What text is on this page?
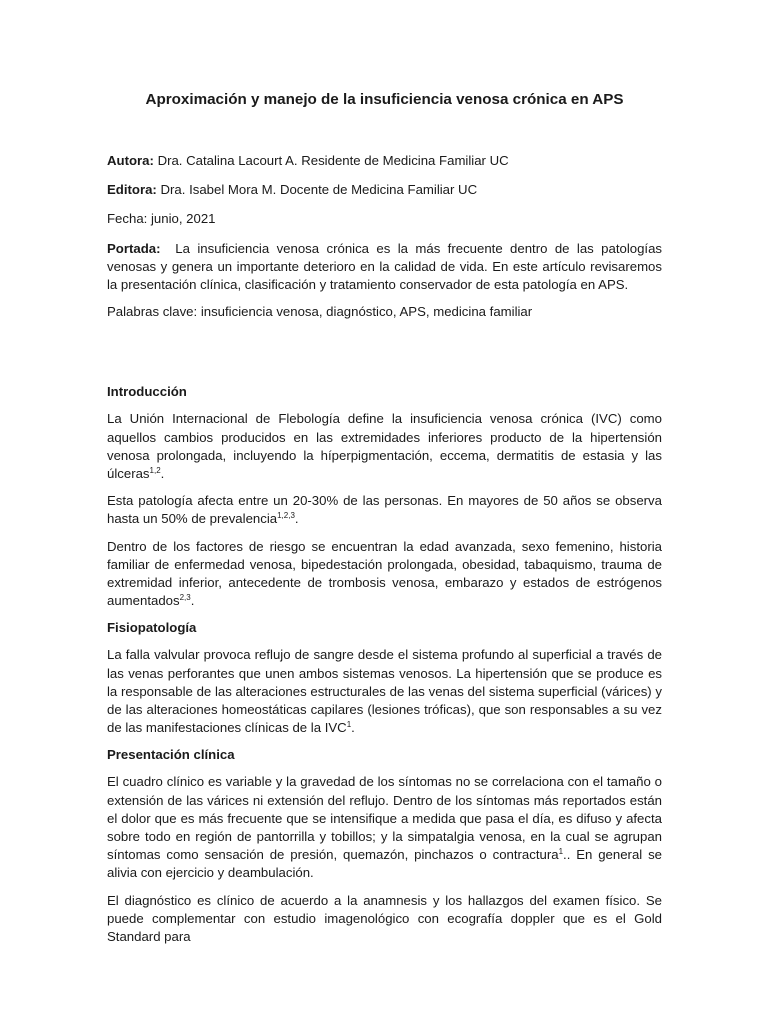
Aproximación y manejo de la insuficiencia venosa crónica en APS
Autora: Dra. Catalina Lacourt A. Residente de Medicina Familiar UC
Editora: Dra. Isabel Mora M. Docente de Medicina Familiar UC
Fecha: junio, 2021

Portada: La insuficiencia venosa crónica es la más frecuente dentro de las patologías venosas y genera un importante deterioro en la calidad de vida. En este artículo revisaremos la presentación clínica, clasificación y tratamiento conservador de esta patología en APS.

Palabras clave: insuficiencia venosa, diagnóstico, APS, medicina familiar
Introducción

La Unión Internacional de Flebología define la insuficiencia venosa crónica (IVC) como aquellos cambios producidos en las extremidades inferiores producto de la hipertensión venosa prolongada, incluyendo la híperpigmentación, eccema, dermatitis de estasia y las úlceras$^{1,2}$.

Esta patología afecta entre un 20-30% de las personas. En mayores de 50 años se observa hasta un 50% de prevalencia$^{1,2,3}$.

Dentro de los factores de riesgo se encuentran la edad avanzada, sexo femenino, historia familiar de enfermedad venosa, bipedestación prolongada, obesidad, tabaquismo, trauma de extremidad inferior, antecedente de trombosis venosa, embarazo y estados de estrógenos aumentados$^{2,3}$.

Fisiopatología

La falla valvular provoca reflujo de sangre desde el sistema profundo al superficial a través de las venas perforantes que unen ambos sistemas venosos. La hipertensión que se produce es la responsable de las alteraciones estructurales de las venas del sistema superficial (várices) y de las alteraciones homeostáticas capilares (lesiones tróficas), que son responsables a su vez de las manifestaciones clínicas de la IVC$^1$.

Presentación clínica

El cuadro clínico es variable y la gravedad de los síntomas no se correlaciona con el tamaño o extensión de las várices ni extensión del reflujo. Dentro de los síntomas más reportados están el dolor que es más frecuente que se intensifique a medida que pasa el día, es difuso y afecta sobre todo en región de pantorrilla y tobillos; y la simpatalgia venosa, en la cual se agrupan síntomas como sensación de presión, quemazón, pinchazos o contractura$^1$.. En general se alivia con ejercicio y deambulación.

El diagnóstico es clínico de acuerdo a la anamnesis y los hallazgos del examen físico. Se puede complementar con estudio imagenológico con ecografía doppler que es el Gold Standard para
